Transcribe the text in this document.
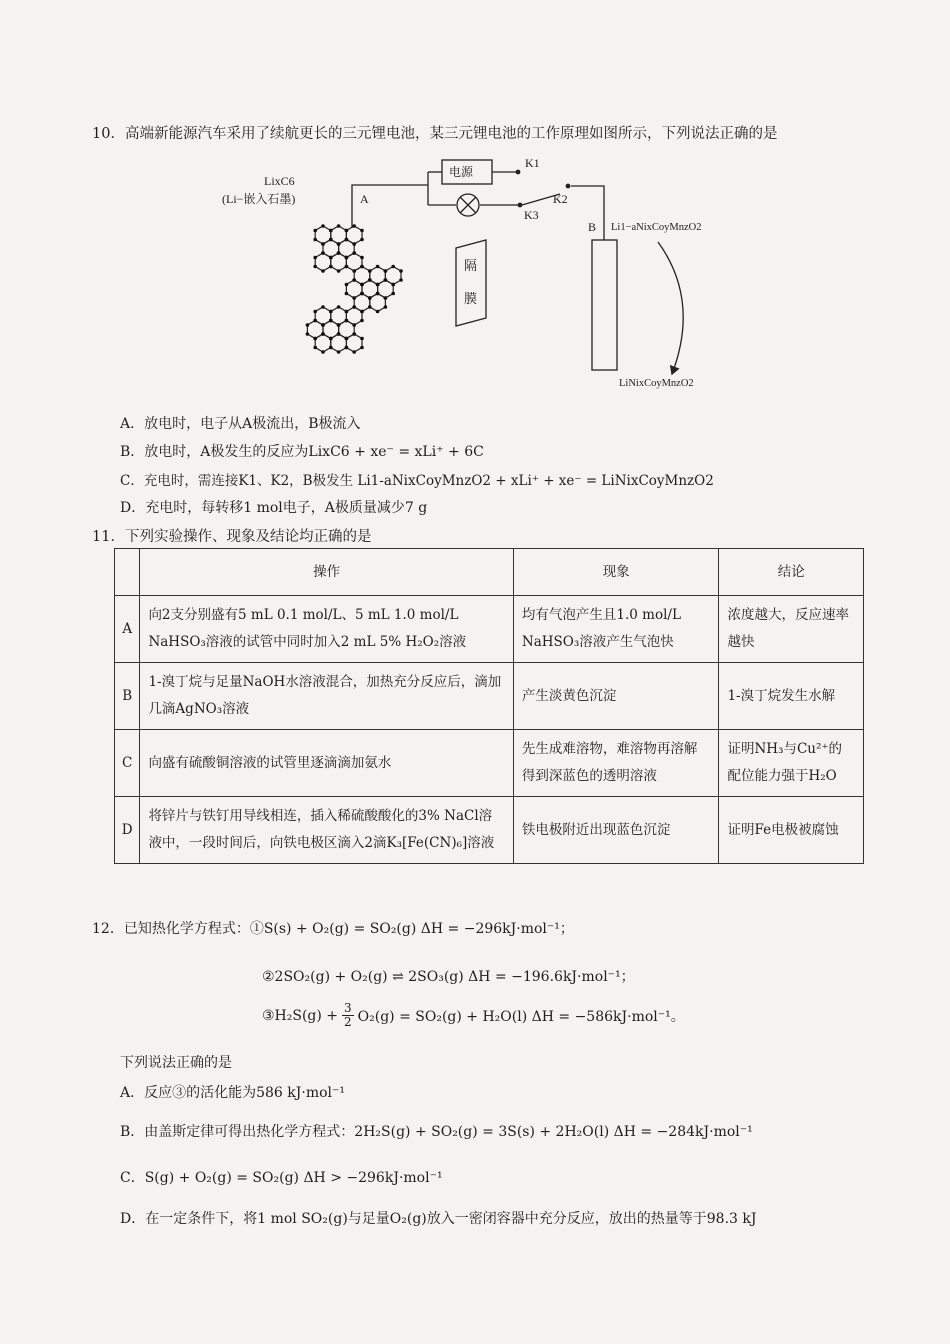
10．高端新能源汽车采用了续航更长的三元锂电池，某三元锂电池的工作原理如图所示，下列说法正确的是
LixC6
(Li−嵌入石墨)	A
电源
K1
K2
K3
隔
膜
B Li1−aNixCoyMnzO2
LiNixCoyMnzO2
A．放电时，电子从A极流出，B极流入
B．放电时，A极发生的反应为LixC6 + xe⁻ = xLi⁺ + 6C
C．充电时，需连接K1、K2，B极发生 Li1-aNixCoyMnzO2 + xLi⁺ + xe⁻ = LiNixCoyMnzO2
D．充电时，每转移1 mol电子，A极质量减少7 g
11．下列实验操作、现象及结论均正确的是
	操作	现象	结论
A	向2支分别盛有5 mL 0.1 mol/L、5 mL 1.0 mol/L NaHSO₃溶液的试管中同时加入2 mL 5% H₂O₂溶液	均有气泡产生且1.0 mol/L NaHSO₃溶液产生气泡快	浓度越大，反应速率越快
B	1-溴丁烷与足量NaOH水溶液混合，加热充分反应后，滴加几滴AgNO₃溶液	产生淡黄色沉淀	1-溴丁烷发生水解
C	向盛有硫酸铜溶液的试管里逐滴滴加氨水	先生成难溶物，难溶物再溶解得到深蓝色的透明溶液	证明NH₃与Cu²⁺的配位能力强于H₂O
D	将锌片与铁钉用导线相连，插入稀硫酸酸化的3% NaCl溶液中，一段时间后，向铁电极区滴入2滴K₃[Fe(CN)₆]溶液	铁电极附近出现蓝色沉淀	证明Fe电极被腐蚀
12．已知热化学方程式：①S(s) + O₂(g) = SO₂(g) ΔH = −296kJ·mol⁻¹；
②2SO₂(g) + O₂(g) ⇌ 2SO₃(g) ΔH = −196.6kJ·mol⁻¹；
③H₂S(g) + $\frac{3}{2} O_2(g) = SO_2(g) + H_2O(l) \Delta H = -586kJ\cdot mol^{-1}$。
下列说法正确的是
A．反应③的活化能为586 kJ·mol⁻¹
B．由盖斯定律可得出热化学方程式：2H₂S(g) + SO₂(g) = 3S(s) + 2H₂O(l) ΔH = −284kJ·mol⁻¹
C．S(g) + O₂(g) = SO₂(g) ΔH > −296kJ·mol⁻¹
D．在一定条件下，将1 mol SO₂(g)与足量O₂(g)放入一密闭容器中充分反应，放出的热量等于98.3 kJ
